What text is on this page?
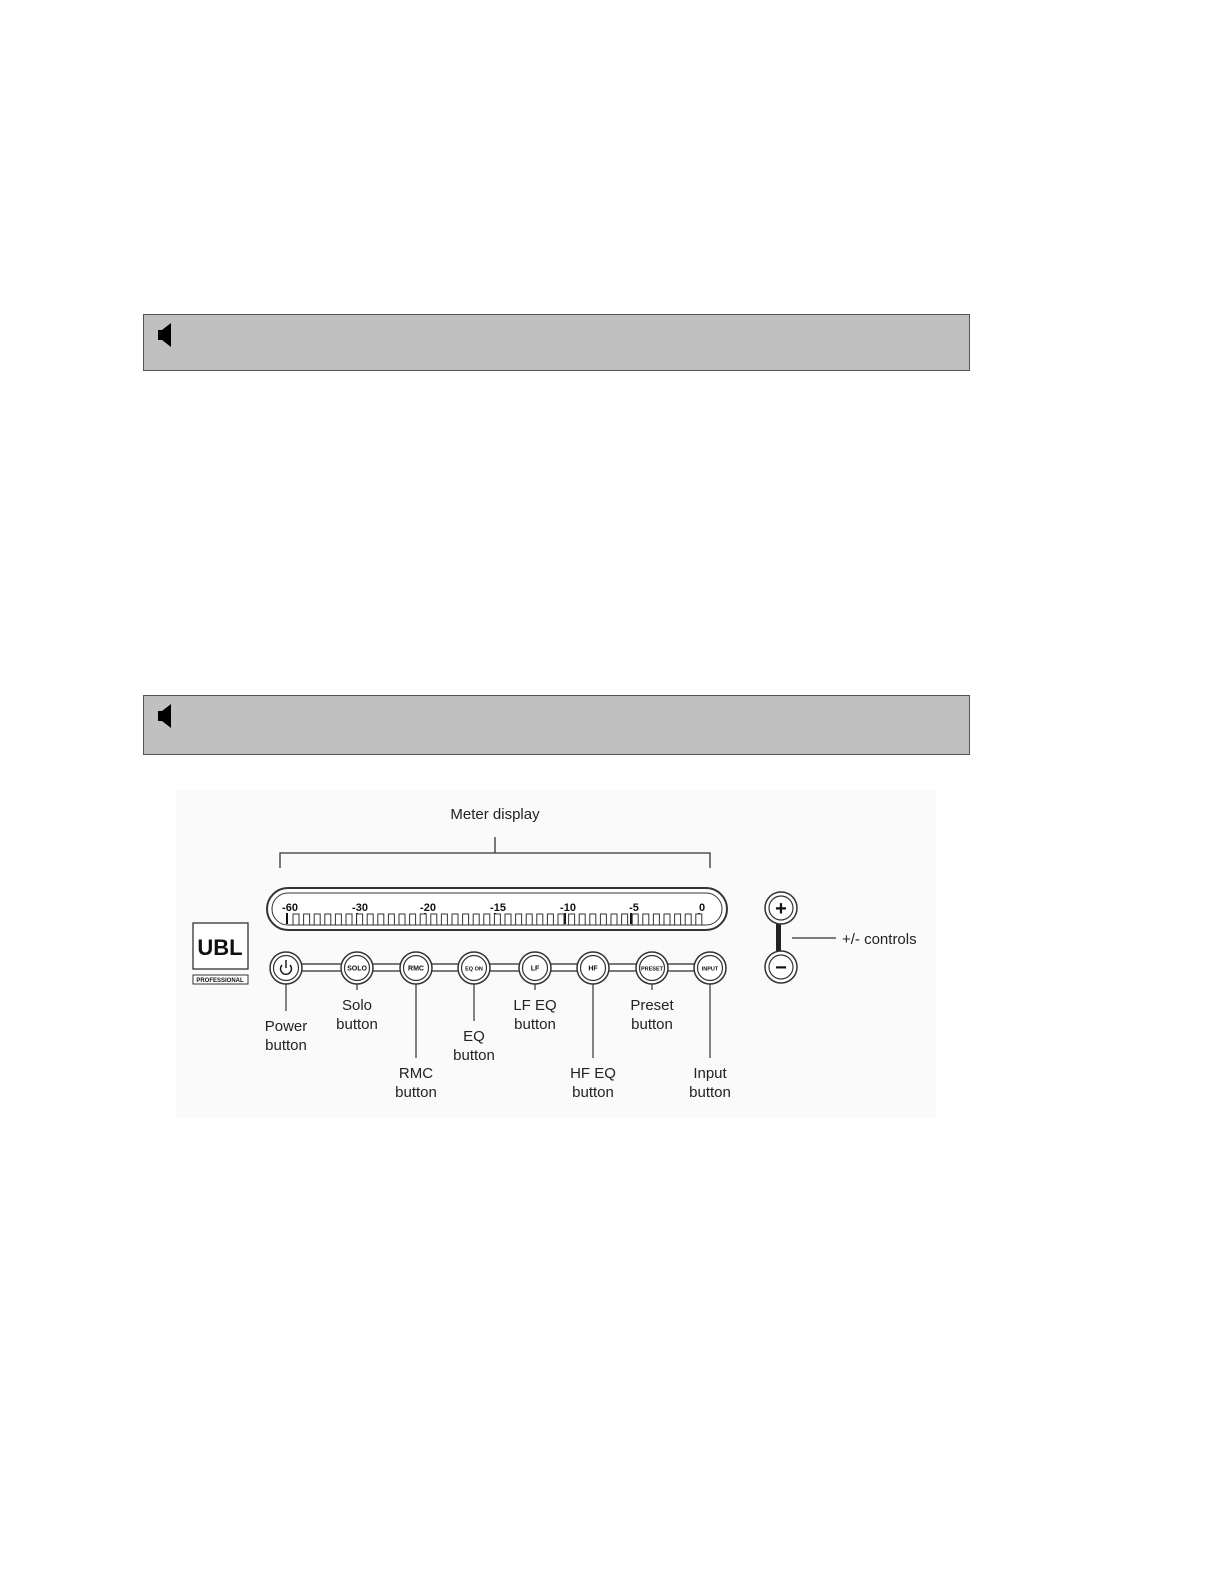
Meter display
-60	-30	-20	-15	-10	-5	0
UBL
PROFESSIONAL
Power
button
SOLO
Solo
button
RMC
RMC
button
EQ ON
EQ
button
LF
LF EQ
button
HF
HF EQ
button
PRESET
Preset
button
INPUT
Input
button
+
−
+/- controls
